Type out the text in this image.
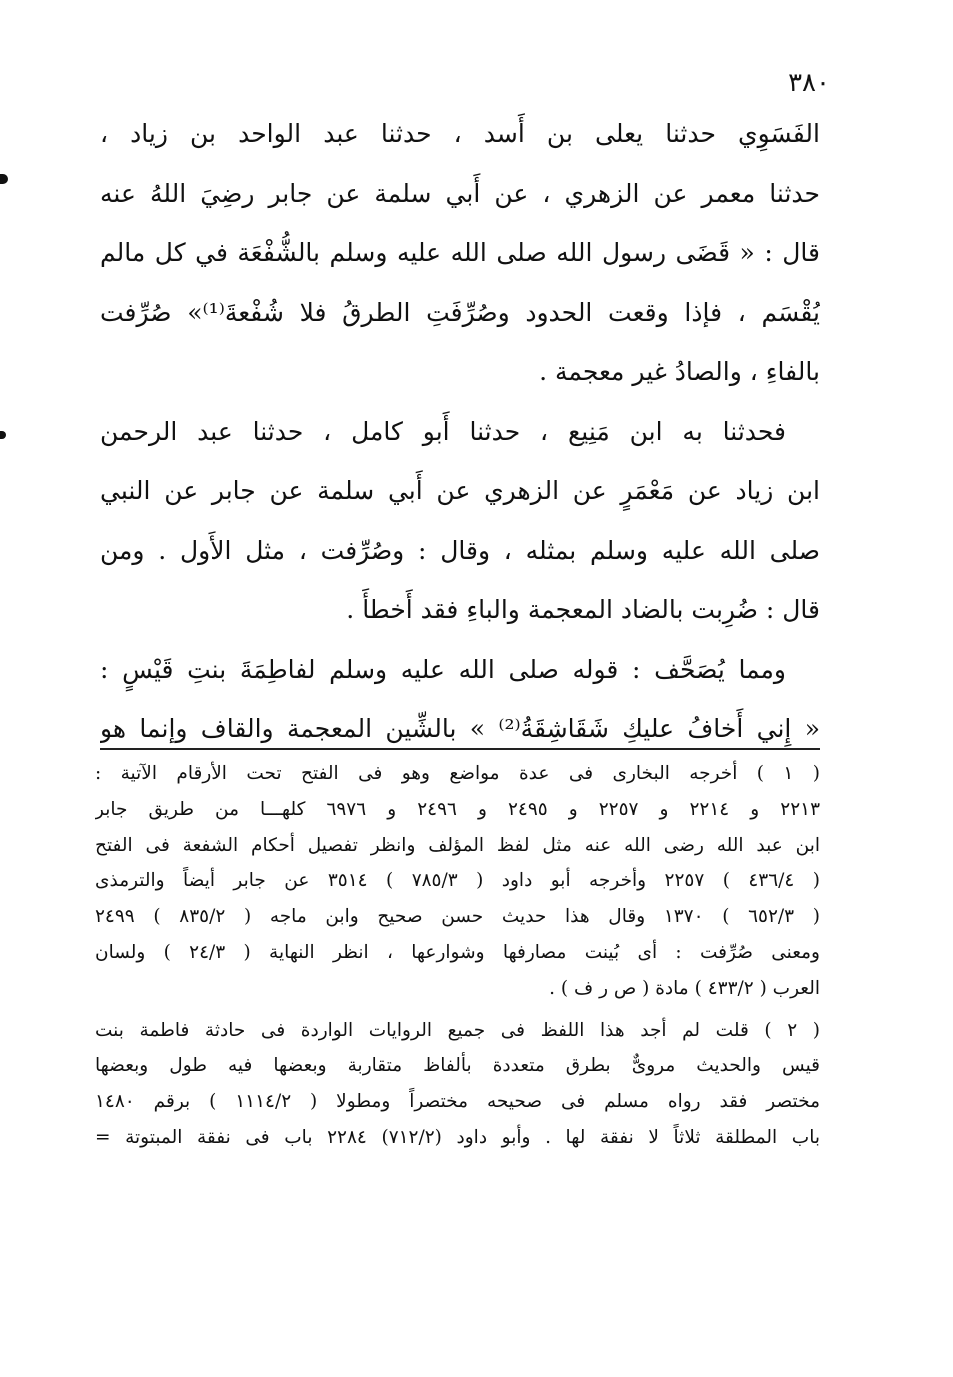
٣٨٠
الفَسَوِي حدثنا يعلى بن أَسد ، حدثنا عبد الواحد بن زياد ،
حدثنا معمر عن الزهري ، عن أَبي سلمة عن جابر رضِيَ اللهُ عنه
قال : « قَضَى رسول الله صلى الله عليه وسلم بالشُّفْعَة في كل مالم
يُقْسَم ، فإذا وقعت الحدود وصُرِّفَتِ الطرقُ فلا شُفْعةَ⁽¹⁾» صُرِّفت
بالفاءِ ، والصادُ غير معجمة .
فحدثنا به ابن مَنِيع ، حدثنا أَبو كامل ، حدثنا عبد الرحمن
ابن زياد عن مَعْمَرٍ عن الزهري عن أَبي سلمة عن جابر عن النبي
صلى الله عليه وسلم بمثله ، وقال : وصُرِّفت ، مثل الأَول . ومن
قال : ضُرِبت بالضاد المعجمة والباءِ فقد أَخطأَ .
ومما يُصَحَّف : قوله صلى الله عليه وسلم لفاطِمَةَ بنتِ قَيْسٍ :
« إِني أَخافُ عليكِ شَقَاشِقَةُ⁽²⁾ » بالشِّين المعجمة والقاف وإنما هو
( ١ ) أخرجه البخارى فى عدة مواضع وهو فى الفتح تحت الأرقام الآتية :
٢٢١٣ و ٢٢١٤ و ٢٢٥٧ و ٢٤٩٥ و ٢٤٩٦ و ٦٩٧٦ كلهـــا من طريق جابر
ابن عبد الله رضى الله عنه مثل لفظ المؤلف وانظر تفصيل أحكام الشفعة فى الفتح
( ٤٣٦/٤ ) ٢٢٥٧ وأخرجه أبو داود ( ٧٨٥/٣ ) ٣٥١٤ عن جابر أيضاً والترمذى
( ٦٥٢/٣ ) ١٣٧٠ وقال هذا حديث حسن صحيح وابن ماجه ( ٨٣٥/٢ ) ٢٤٩٩
ومعنى صُرِّفت : أى بُينت مصارفها وشوارعها ، انظر النهاية ( ٢٤/٣ ) ولسان
العرب ( ٤٣٣/٢ ) مادة ( ص ر ف ) .
( ٢ ) قلت لم أجد هذا اللفظ فى جميع الروايات الواردة فى حادثة فاطمة بنت
قيس والحديث مروىٌّ بطرق متعددة بألفاظ متقاربة وبعضها فيه طول وبعضها
مختصر فقد رواه مسلم فى صحيحه مختصراً ومطولا ( ١١١٤/٢ ) برقم ١٤٨٠
باب المطلقة ثلاثاً لا نفقة لها . وأبو داود (٧١٢/٢) ٢٢٨٤ باب فى نفقة المبتوتة =
